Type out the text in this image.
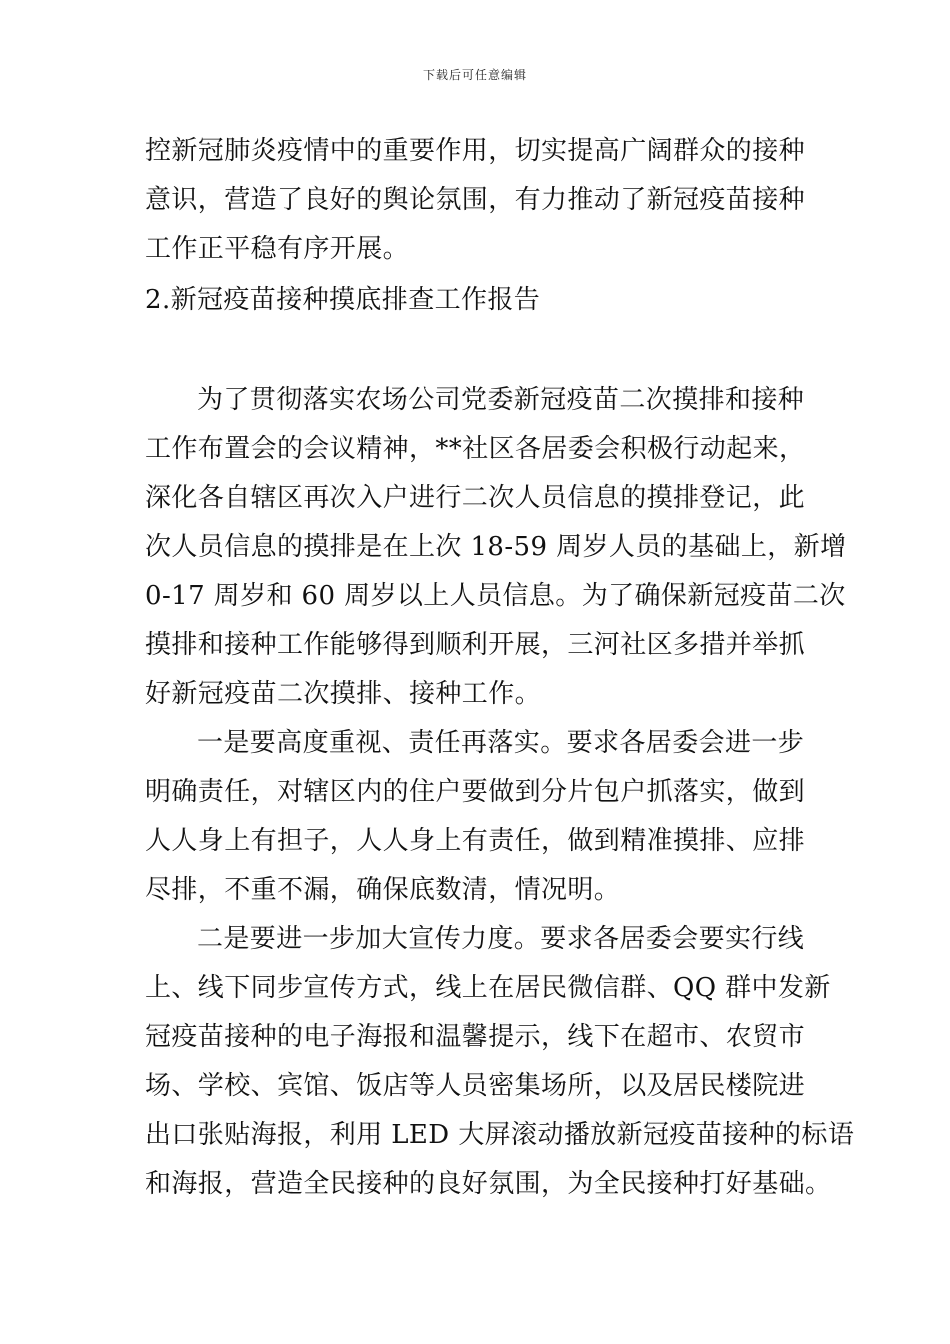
下载后可任意编辑
控新冠肺炎疫情中的重要作用，切实提高广阔群众的接种
意识，营造了良好的舆论氛围，有力推动了新冠疫苗接种
工作正平稳有序开展。
2.新冠疫苗接种摸底排查工作报告
为了贯彻落实农场公司党委新冠疫苗二次摸排和接种
工作布置会的会议精神，**社区各居委会积极行动起来，
深化各自辖区再次入户进行二次人员信息的摸排登记，此
次人员信息的摸排是在上次 18-59 周岁人员的基础上，新增
0-17 周岁和 60 周岁以上人员信息。为了确保新冠疫苗二次
摸排和接种工作能够得到顺利开展，三河社区多措并举抓
好新冠疫苗二次摸排、接种工作。
一是要高度重视、责任再落实。要求各居委会进一步
明确责任，对辖区内的住户要做到分片包户抓落实，做到
人人身上有担子，人人身上有责任，做到精准摸排、应排
尽排，不重不漏，确保底数清，情况明。
二是要进一步加大宣传力度。要求各居委会要实行线
上、线下同步宣传方式，线上在居民微信群、QQ 群中发新
冠疫苗接种的电子海报和温馨提示，线下在超市、农贸市
场、学校、宾馆、饭店等人员密集场所，以及居民楼院进
出口张贴海报，利用 LED 大屏滚动播放新冠疫苗接种的标语
和海报，营造全民接种的良好氛围，为全民接种打好基础。
